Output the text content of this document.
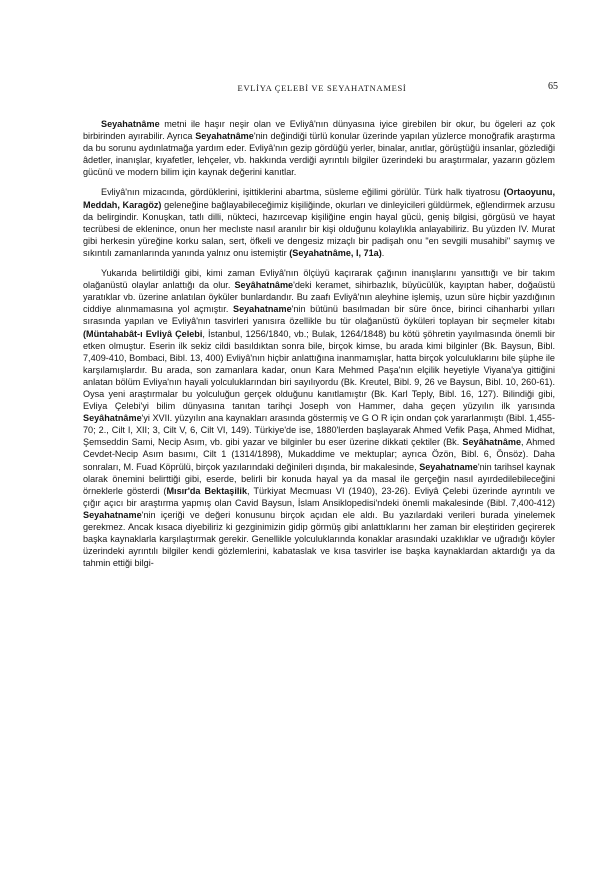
EVLİYA ÇELEBİ VE SEYAHATNAMESİ	65

Seyahatnâme metni ile haşır neşir olan ve Evliyâ'nın dünyasına iyice girebilen bir okur, bu ögeleri az çok birbirinden ayırabilir. Ayrıca Seyahatnâme'nin değindiği türlü konular üzerinde yapılan yüzlerce monoğrafik araştırma da bu sorunu aydınlatmağa yardım eder. Evliyâ'nın gezip gördüğü yerler, binalar, anıtlar, görüştüğü insanlar, gözlediği âdetler, inanışlar, kıyafetler, lehçeler, vb. hakkında verdiği ayrıntılı bilgiler üzerindeki bu araştırmalar, yazarın gözlem gücünü ve modern bilim için kaynak değerini kanıtlar.

Evliyâ'nın mizacında, gördüklerini, işittiklerini abartma, süsleme eğilimi görülür. Türk halk tiyatrosu (Ortaoyunu, Meddah, Karagöz) geleneğine bağlayabileceğimiz kişiliğinde, okurları ve dinleyicileri güldürmek, eğlendirmek arzusu da belirgindir. Konuşkan, tatlı dilli, nükteci, hazırcevap kişiliğine engin hayal gücü, geniş bilgisi, görgüsü ve hayat tecrübesi de eklenince, onun her meclıste nasıl aranılır bir kişi olduğunu kolaylıkla anlayabiliriz. Bu yüzden IV. Murat gibi herkesin yüreğine korku salan, sert, öfkeli ve dengesiz mizaçlı bir padişah onu "en sevgili musahibi" saymış ve sıkıntılı zamanlarında yanında yalnız onu istemiştir (Seyahatnâme, I, 71a).

Yukarıda belirtildiği gibi, kimi zaman Evliyâ'nın ölçüyü kaçırarak çağının inanışlarını yansıttığı ve bir takım olağanüstü olaylar anlattığı da olur. Seyâhatnâme'deki keramet, sihirbazlık, büyücülük, kayıptan haber, doğaüstü yaratıklar vb. üzerine anlatılan öyküler bunlardandır. Bu zaafı Evliyâ'nın aleyhine işlemiş, uzun süre hiçbir yazdığının ciddiye alınmamasına yol açmıştır. Seyahatname'nin bütünü basılmadan bir süre önce, birinci cihanharbi yılları sırasında yapılan ve Evliyâ'nın tasvirleri yanısıra özellikle bu tür olağanüstü öyküleri toplayan bir seçmeler kitabı (Müntahabât-ı Evliyâ Çelebi, İstanbul, 1256/1840, vb.; Bulak, 1264/1848) bu kötü şöhretin yayılmasında önemli bir etken olmuştur. Eserin ilk sekiz cildi basıldıktan sonra bile, birçok kimse, bu arada kimi bilginler (Bk. Baysun, Bibl. 7,409-410, Bombaci, Bibl. 13, 400) Evliyâ'nın hiçbir anlattığına inanmamışlar, hatta birçok yolculuklarını bile şüphe ile karşılamışlardır. Bu arada, son zamanlara kadar, onun Kara Mehmed Paşa'nın elçilik heyetiyle Viyana'ya gittiğini anlatan bölüm Evliya'nın hayali yolculuklarından biri sayılıyordu (Bk. Kreutel, Bibl. 9, 26 ve Baysun, Bibl. 10, 260-61). Oysa yeni araştırmalar bu yolculuğun gerçek olduğunu kanıtlamıştır (Bk. Karl Teply, Bibl. 16, 127). Bilindiği gibi, Evliya Çelebi'yi bilim dünyasına tanıtan tarihçi Joseph von Hammer, daha geçen yüzyılın ilk yarısında Seyâhatnâme'yi XVII. yüzyılın ana kaynakları arasında göstermiş ve G O R için ondan çok yararlanmıştı (Bibl. 1,455-70; 2., Cilt I, XII; 3, Cilt V, 6, Cilt VI, 149). Türkiye'de ise, 1880'lerden başlayarak Ahmed Vefik Paşa, Ahmed Midhat, Şemseddin Sami, Necip Asım, vb. gibi yazar ve bilginler bu eser üzerine dikkati çektiler (Bk. Seyâhatnâme, Ahmed Cevdet-Necip Asım basımı, Cilt 1 (1314/1898), Mukaddime ve mektuplar; ayrıca Özön, Bibl. 6, Önsöz). Daha sonraları, M. Fuad Köprülü, birçok yazılarındaki değinileri dışında, bir makalesinde, Seyahatname'nin tarihsel kaynak olarak önemini belirttiği gibi, eserde, belirli bir konuda hayal ya da masal ile gerçeğin nasıl ayırdedilebileceğini örneklerle gösterdi (Mısır'da Bektaşilik, Türkiyat Mecmuası VI (1940), 23-26). Evliyâ Çelebi üzerinde ayrıntılı ve çığır açıcı bir araştırma yapmış olan Cavid Baysun, İslam Ansiklopedisi'ndeki önemli makalesinde (Bibl. 7,400-412) Seyahatname'nin içeriği ve değeri konusunu birçok açıdan ele aldı. Bu yazılardaki verileri burada yinelemek gerekmez. Ancak kısaca diyebiliriz ki gezginimizin gidip görmüş gibi anlattıklarını her zaman bir eleştiriden geçirerek başka kaynaklarla karşılaştırmak gerekir. Genellikle yolculuklarında konaklar arasındaki uzaklıklar ve uğradığı köyler üzerindeki ayrıntılı bilgiler kendi gözlemlerini, kabataslak ve kısa tasvirler ise başka kaynaklardan aktardığı ya da tahmin ettiği bilgi-
